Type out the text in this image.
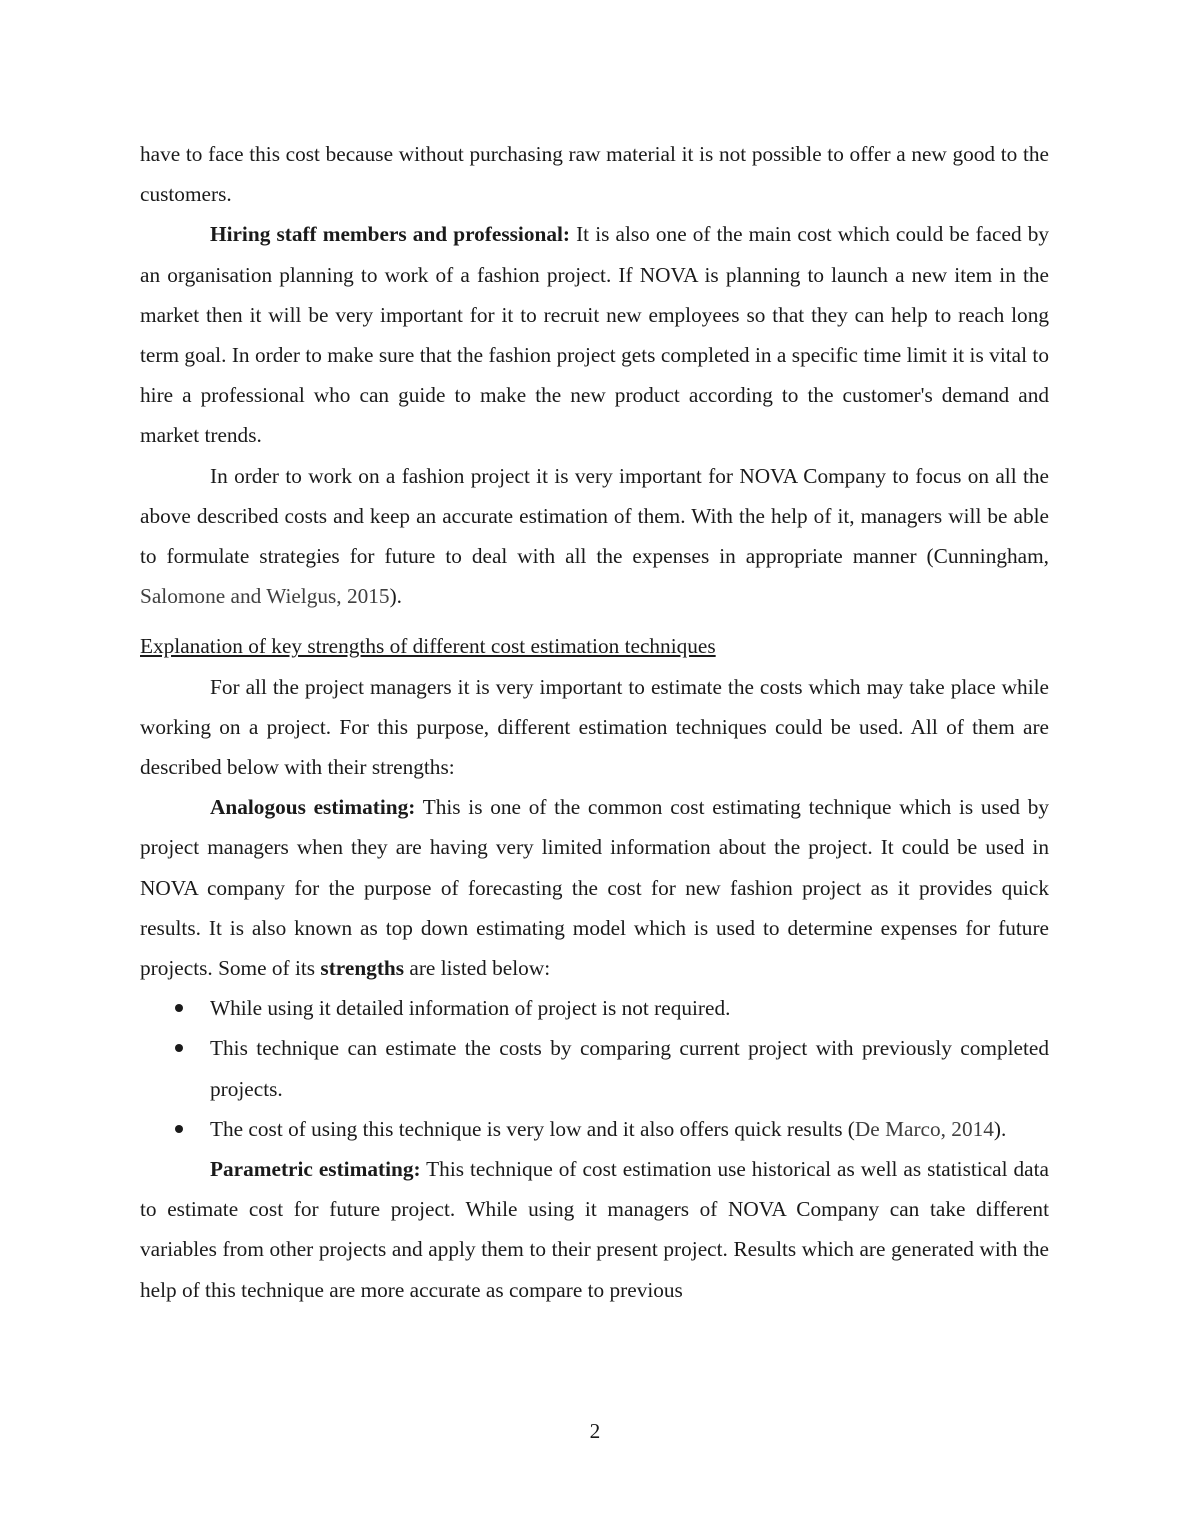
have to face this cost because without purchasing raw material it is not possible to offer a new good to the customers.

Hiring staff members and professional: It is also one of the main cost which could be faced by an organisation planning to work of a fashion project. If NOVA is planning to launch a new item in the market then it will be very important for it to recruit new employees so that they can help to reach long term goal. In order to make sure that the fashion project gets completed in a specific time limit it is vital to hire a professional who can guide to make the new product according to the customer's demand and market trends.

In order to work on a fashion project it is very important for NOVA Company to focus on all the above described costs and keep an accurate estimation of them. With the help of it, managers will be able to formulate strategies for future to deal with all the expenses in appropriate manner (Cunningham, Salomone and Wielgus, 2015).

Explanation of key strengths of different cost estimation techniques

For all the project managers it is very important to estimate the costs which may take place while working on a project. For this purpose, different estimation techniques could be used. All of them are described below with their strengths:

Analogous estimating: This is one of the common cost estimating technique which is used by project managers when they are having very limited information about the project. It could be used in NOVA company for the purpose of forecasting the cost for new fashion project as it provides quick results. It is also known as top down estimating model which is used to determine expenses for future projects. Some of its strengths are listed below:

While using it detailed information of project is not required.
This technique can estimate the costs by comparing current project with previously completed projects.
The cost of using this technique is very low and it also offers quick results (De Marco, 2014).

Parametric estimating: This technique of cost estimation use historical as well as statistical data to estimate cost for future project. While using it managers of NOVA Company can take different variables from other projects and apply them to their present project. Results which are generated with the help of this technique are more accurate as compare to previous

2
